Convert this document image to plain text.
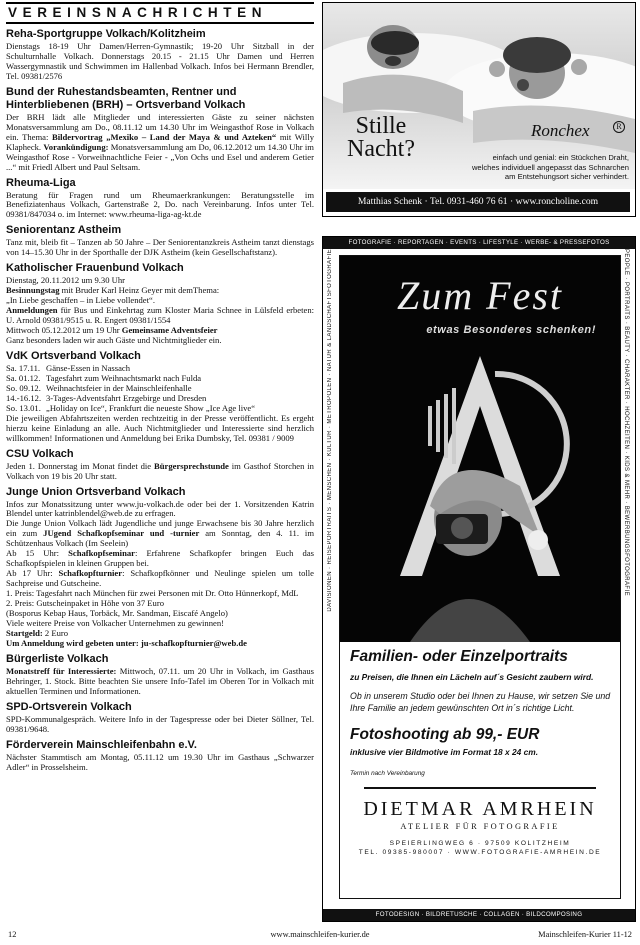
VEREINSNACHRICHTEN
Reha-Sportgruppe Volkach/Kolitzheim

Dienstags 18-19 Uhr Damen/Herren-Gymnastik; 19-20 Uhr Sitzball in der Schulturnhalle Volkach. Donnerstags 20.15 - 21.15 Uhr Damen und Herren Wassergymnastik und Schwimmen im Hallenbad Volkach. Infos bei Hermann Brendler, Tel. 09381/2576

Bund der Ruhestandsbeamten, Rentner und Hinterbliebenen (BRH) – Ortsverband Volkach

Der BRH lädt alle Mitglieder und interessierten Gäste zu seiner nächsten Monatsversammlung am Do., 08.11.12 um 14.30 Uhr im Weingasthof Rose in Volkach ein. Thema: Bildervortrag „Mexiko – Land der Maya & und Azteken“ mit Willy Klapheck. Vorankündigung: Monatsversammlung am Do, 06.12.2012 um 14.30 Uhr im Weingasthof Rose - Vorweihnachtliche Feier - „Von Ochs und Esel und anderem Getier ...“ mit Friedl Albert und Paul Seltsam.

Rheuma-Liga

Beratung für Fragen rund um Rheumaerkrankungen: Beratungsstelle im Benefiziatenhaus Volkach, Gartenstraße 2, Do. nach Vereinbarung. Infos unter Tel. 09381/847034 o. im Internet: www.rheuma-liga-ag-kt.de

Seniorentanz Astheim

Tanz mit, bleib fit – Tanzen ab 50 Jahre – Der Seniorentanzkreis Astheim tanzt dienstags von 14–15.30 Uhr in der Sporthalle der DJK Astheim (kein Gesellschaftstanz).

Katholischer Frauenbund Volkach

Dienstag, 20.11.2012 um 9.30 Uhr
Besinnungstag mit Bruder Karl Heinz Geyer mit demThema:
„In Liebe geschaffen – in Liebe vollendet“.
Anmeldungen für Bus und Einkehrtag zum Kloster Maria Schnee in Lülsfeld erbeten: U. Arnold 09381/9515 u. R. Engert 09381/1554
Mittwoch 05.12.2012 um 19 Uhr Gemeinsame Adventsfeier
Ganz besonders laden wir auch Gäste und Nichtmitglieder ein.

VdK Ortsverband Volkach
Sa. 17.11. Gänse-Essen in Nassach
Sa. 01.12. Tagesfahrt zum Weihnachtsmarkt nach Fulda
So. 09.12. Weihnachtsfeier in der Mainschleifenhalle
14.-16.12. 3-Tages-Adventsfahrt Erzgebirge und Dresden
So. 13.01. „Holiday on Ice“, Frankfurt die neueste Show „Ice Age live“

Die jeweiligen Abfahrtszeiten werden rechtzeitig in der Presse veröffentlicht. Es ergeht hierzu keine Einladung an alle. Auch Nichtmitglieder und Interessierte sind herzlich willkommen! Informationen und Anmeldung bei Erika Dumbsky, Tel. 09381 / 9009

CSU Volkach

Jeden 1. Donnerstag im Monat findet die Bürgersprechstunde im Gasthof Storchen in Volkach von 19 bis 20 Uhr statt.

Junge Union Ortsverband Volkach

Infos zur Monatssitzung unter www.ju-volkach.de oder bei der 1. Vorsitzenden Katrin Blendel unter katrinblendel@web.de zu erfragen.
Die Junge Union Volkach lädt Jugendliche und junge Erwachsene bis 30 Jahre herzlich ein zum JUgend Schafkopfseminar und -turnier am Sonntag, den 4. 11. im Schützenhaus Volkach (Im Seelein)
Ab 15 Uhr: Schafkopfseminar: Erfahrene Schafkopfer bringen Euch das Schafkopfspielen in kleinen Gruppen bei.
Ab 17 Uhr: Schafkopfturnier: Schafkopfkönner und Neulinge spielen um tolle Sachpreise und Gutscheine.
1. Preis: Tagesfahrt nach München für zwei Personen mit Dr. Otto Hünnerkopf, MdL
2. Preis: Gutscheinpaket in Höhe von 37 Euro
(Bosporus Kebap Haus, Torbäck, Mr. Sandman, Eiscafé Angelo)
Viele weitere Preise von Volkacher Unternehmen zu gewinnen!
Startgeld: 2 Euro
Um Anmeldung wird gebeten unter: ju-schafkopfturnier@web.de

Bürgerliste Volkach

Monatstreff für Interessierte: Mittwoch, 07.11. um 20 Uhr in Volkach, im Gasthaus Behringer, 1. Stock. Bitte beachten Sie unsere Info-Tafel im Oberen Tor in Volkach mit aktuellen Terminen und Informationen.

SPD-Ortsverein Volkach

SPD-Kommunalgespräch. Weitere Info in der Tagespresse oder bei Dieter Söllner, Tel. 09381/9648.

Förderverein Mainschleifenbahn e.V.

Nächster Stammtisch am Montag, 05.11.12 um 19.30 Uhr im Gasthaus „Schwarzer Adler“ in Prosselsheim.

Stille
Nacht?
Ronchex	R
einfach und genial: ein Stückchen Draht,
welches individuell angepasst das Schnarchen
am Entstehungsort sicher verhindert.
Matthias Schenk · Tel. 0931-460 76 61 · www.roncholine.com
FOTOGRAFIE · REPORTAGEN · EVENTS · LIFESTYLE · WERBE- & PRESSEFOTOS
DAVISIONEN · REISEPORTRAITS · MENSCHEN · KULTUR · METROPOLEN · NATUR & LANDSCHAFTSFOTOGRAFIE	PEOPLE · PORTRAITS · BEAUTY · CHARAKTER · HOCHZEITEN · KIDS & MEHR · BEWERBUNGSFOTOGRAFIE
Zum Fest
etwas Besonderes schenken!
Familien- oder Einzelportraits
zu Preisen, die Ihnen ein Lächeln auf´s Gesicht zaubern wird.
Ob in unserem Studio oder bei Ihnen zu Hause, wir setzen Sie und
Ihre Familie an jedem gewünschten Ort in´s richtige Licht.
Fotoshooting ab 99,- EUR
inklusive vier Bildmotive im Format 18 x 24 cm.
Termin nach Vereinbarung
DIETMAR AMRHEIN
ATELIER FÜR FOTOGRAFIE
SPEIERLINGWEG 6 · 97509 KOLITZHEIM
TEL. 09385-980007 · WWW.FOTOGRAFIE-AMRHEIN.DE
FOTODESIGN · BILDRETUSCHE · COLLAGEN · BILDCOMPOSING
12	www.mainschleifen-kurier.de	Mainschleifen-Kurier 11-12
